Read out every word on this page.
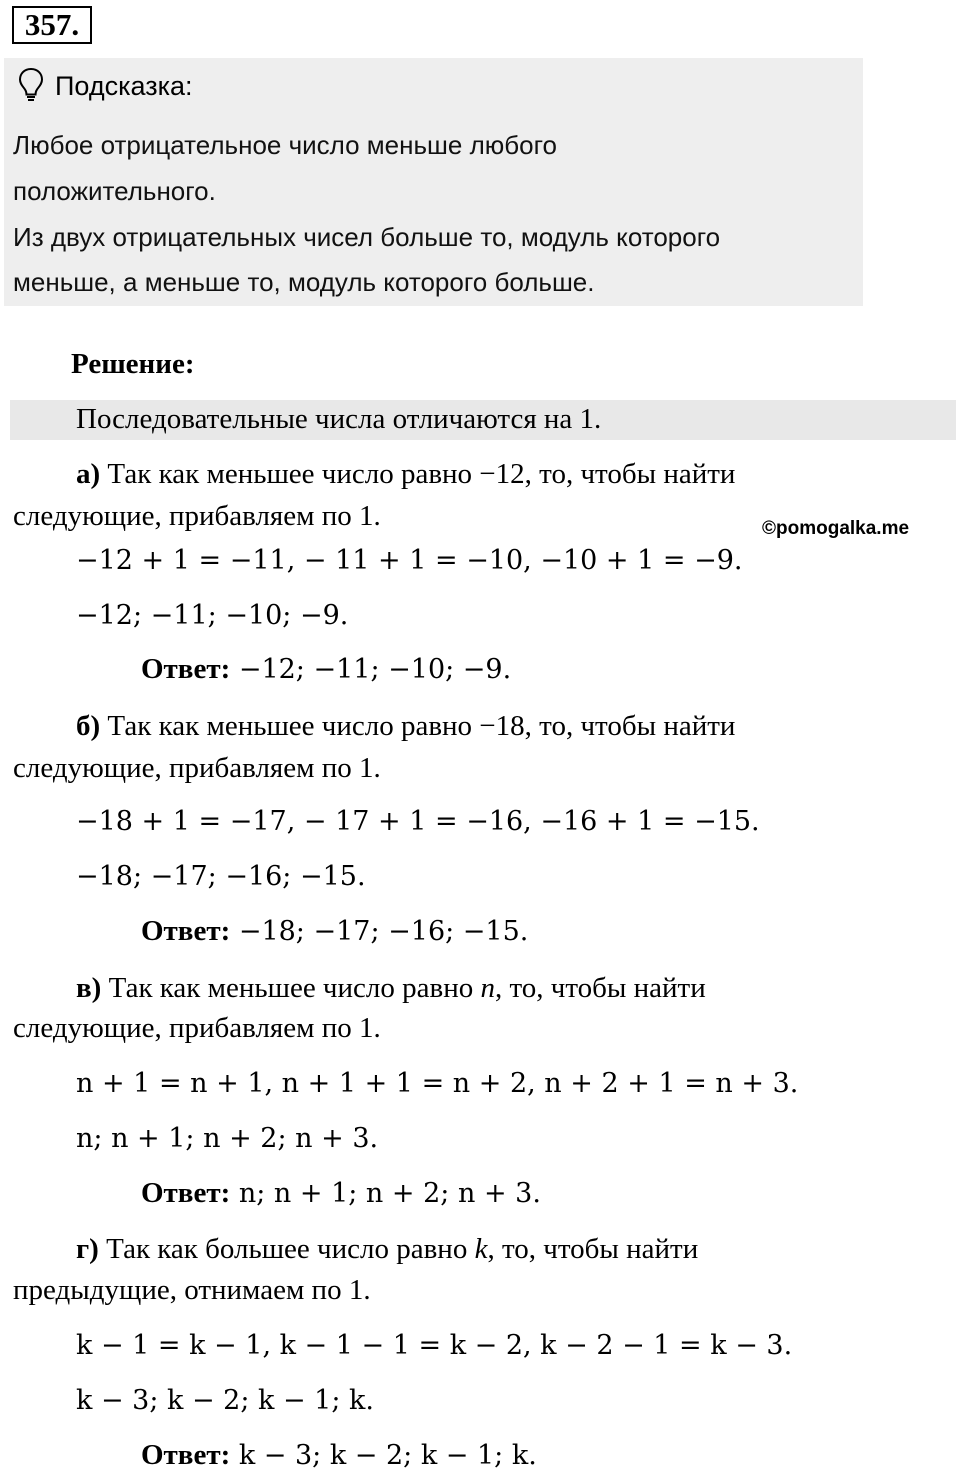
357.
Подсказка:
Любое отрицательное число меньше любого
положительного.
Из двух отрицательных чисел больше то, модуль которого
меньше, а меньше то, модуль которого больше.
Решение:
Последовательные числа отличаются на 1.
а) Так как меньшее число равно −12, то, чтобы найти
следующие, прибавляем по 1.	©pomogalka.me
−12 + 1 = −11, − 11 + 1 = −10, −10 + 1 = −9.
−12; −11; −10; −9.
Ответ: −12; −11; −10; −9.
б) Так как меньшее число равно −18, то, чтобы найти
следующие, прибавляем по 1.
−18 + 1 = −17, − 17 + 1 = −16, −16 + 1 = −15.
−18; −17; −16; −15.
Ответ: −18; −17; −16; −15.
в) Так как меньшее число равно n, то, чтобы найти
следующие, прибавляем по 1.
n + 1 = n + 1, n + 1 + 1 = n + 2, n + 2 + 1 = n + 3.
n; n + 1; n + 2; n + 3.
Ответ: n; n + 1; n + 2; n + 3.
г) Так как большее число равно k, то, чтобы найти
предыдущие, отнимаем по 1.
k − 1 = k − 1, k − 1 − 1 = k − 2, k − 2 − 1 = k − 3.
k − 3; k − 2; k − 1; k.
Ответ: k − 3; k − 2; k − 1; k.
